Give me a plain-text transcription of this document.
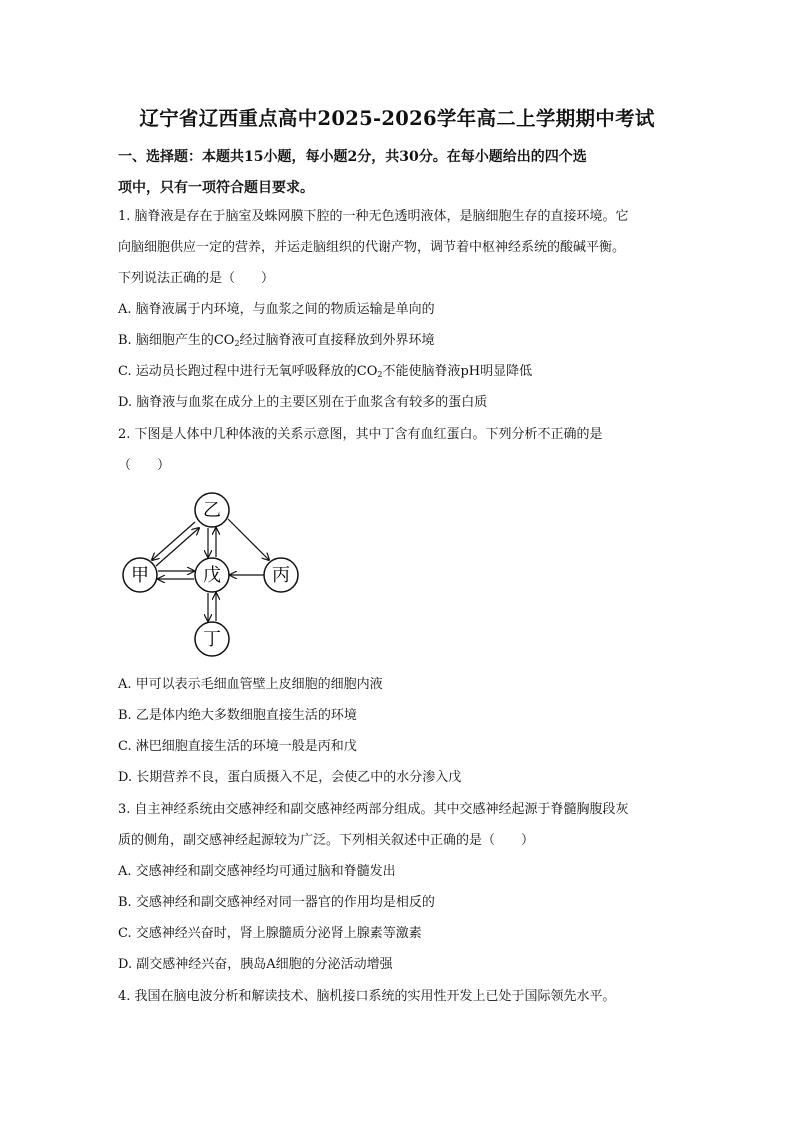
辽宁省辽西重点高中2025-2026学年高二上学期期中考试
一、选择题：本题共15小题，每小题2分，共30分。在每小题给出的四个选
项中，只有一项符合题目要求。
1. 脑脊液是存在于脑室及蛛网膜下腔的一种无色透明液体，是脑细胞生存的直接环境。它
向脑细胞供应一定的营养，并运走脑组织的代谢产物，调节着中枢神经系统的酸碱平衡。
下列说法正确的是（　　）
A. 脑脊液属于内环境，与血浆之间的物质运输是单向的
B. 脑细胞产生的$CO_2$经过脑脊液可直接释放到外界环境
C. 运动员长跑过程中进行无氧呼吸释放的$CO_2$不能使脑脊液pH明显降低
D. 脑脊液与血浆在成分上的主要区别在于血浆含有较多的蛋白质
2. 下图是人体中几种体液的关系示意图，其中丁含有血红蛋白。下列分析不正确的是
（　　）
乙
甲	戊	丙
丁
A. 甲可以表示毛细血管壁上皮细胞的细胞内液
B. 乙是体内绝大多数细胞直接生活的环境
C. 淋巴细胞直接生活的环境一般是丙和戊
D. 长期营养不良，蛋白质摄入不足，会使乙中的水分渗入戊
3. 自主神经系统由交感神经和副交感神经两部分组成。其中交感神经起源于脊髓胸腹段灰
质的侧角，副交感神经起源较为广泛。下列相关叙述中正确的是（　　）
A. 交感神经和副交感神经均可通过脑和脊髓发出
B. 交感神经和副交感神经对同一器官的作用均是相反的
C. 交感神经兴奋时，肾上腺髓质分泌肾上腺素等激素
D. 副交感神经兴奋，胰岛A细胞的分泌活动增强
4. 我国在脑电波分析和解读技术、脑机接口系统的实用性开发上已处于国际领先水平。
